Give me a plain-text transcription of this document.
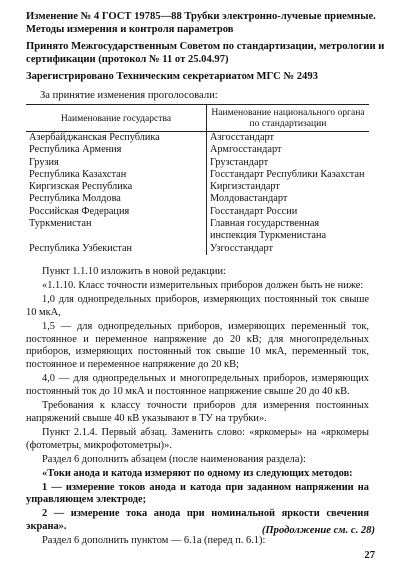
Изменение № 4 ГОСТ 19785—88 Трубки электронно-лучевые приемные.

Методы измерения и контроля параметров

Принято Межгосударственным Советом по стандартизации, метрологии и

сертификации (протокол № 11 от 25.04.97)

Зарегистрировано Техническим секретариатом МГС № 2493

За принятие изменения проголосовали:
Наименование государства	Наименование национального органа по стандартизации
Азербайджанская Республика	Азгосстандарт
Республика Армения	Армгосстандарт
Грузия	Грузстандарт
Республика Казахстан	Госстандарт Республики Казахстан
Киргизская Республика	Киргизстандарт
Республика Молдова	Молдовастандарт
Российская Федерация	Госстандарт России
Туркменистан	Главная государственная инспекция Туркменистана
Республика Узбекистан	Узгосстандарт

Пункт 1.1.10 изложить в новой редакции:

«1.1.10. Класс точности измерительных приборов должен быть не ниже:

1,0 для однопредельных приборов, измеряющих постоянный ток свыше 10 мкА,

1,5 — для однопредельных приборов, измеряющих переменный ток, постоянное и переменное напряжение до 20 кВ; для многопредельных приборов, измеряющих постоянный ток свыше 10 мкА, переменный ток, постоянное и переменное напряжение до 20 кВ;

4,0 — для однопредельных и многопредельных приборов, измеряющих постоянный ток до 10 мкА и постоянное напряжение свыше 20 до 40 кВ.

Требования к классу точности приборов для измерения постоянных напряжений свыше 40 кВ указывают в ТУ на трубки».

Пункт 2.1.4. Первый абзац. Заменить слово: «яркомеры» на «яркомеры (фотометры, микрофотометры)».

Раздел 6 дополнить абзацем (после наименования раздела):

«Токи анода и катода измеряют по одному из следующих методов:

1 — измерение токов анода и катода при заданном напряжении на управляющем электроде;

2 — измерение тока анода при номинальной яркости свечения экрана».

Раздел 6 дополнить пунктом — 6.1а (перед п. 6.1):

(Продолжение см. с. 28)
27
